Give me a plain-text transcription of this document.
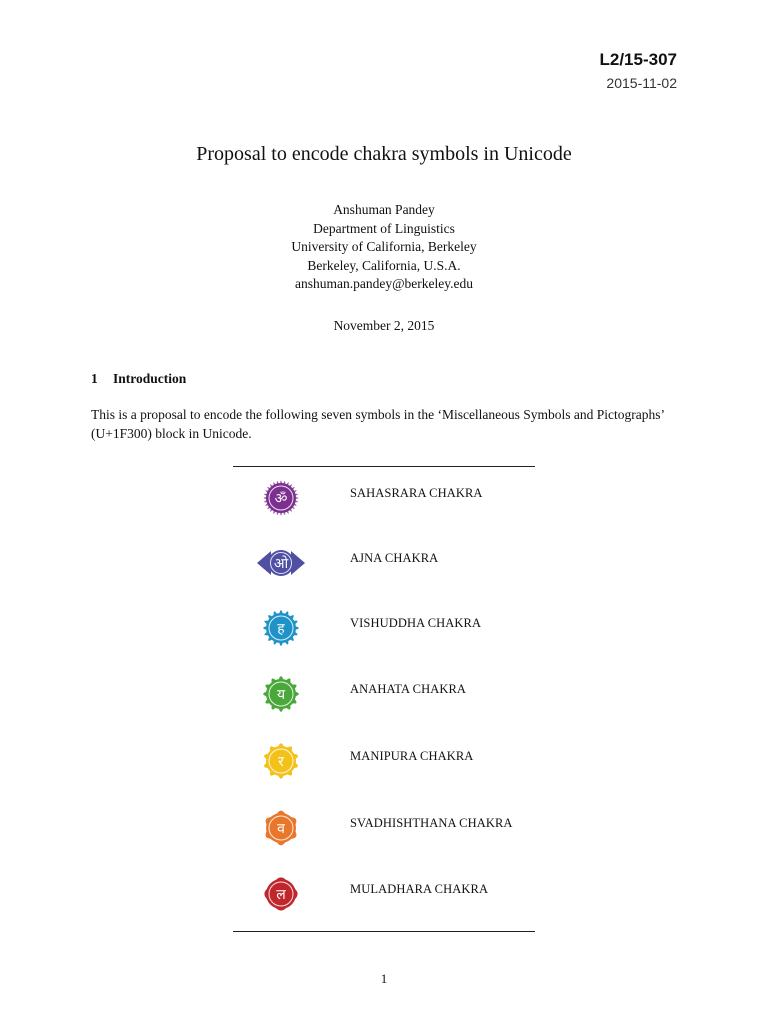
L2/15-307
2015-11-02
Proposal to encode chakra symbols in Unicode
Anshuman Pandey
Department of Linguistics
University of California, Berkeley
Berkeley, California, U.S.A.
anshuman.pandey@berkeley.edu
November 2, 2015
1 Introduction
This is a proposal to encode the following seven symbols in the ‘Miscellaneous Symbols and Pictographs’ (U+1F300) block in Unicode.
ॐ	SAHASRARA CHAKRA
ओ	AJNA CHAKRA
ह	VISHUDDHA CHAKRA
य	ANAHATA CHAKRA
र	MANIPURA CHAKRA
व	SVADHISHTHANA CHAKRA
ल	MULADHARA CHAKRA
1
